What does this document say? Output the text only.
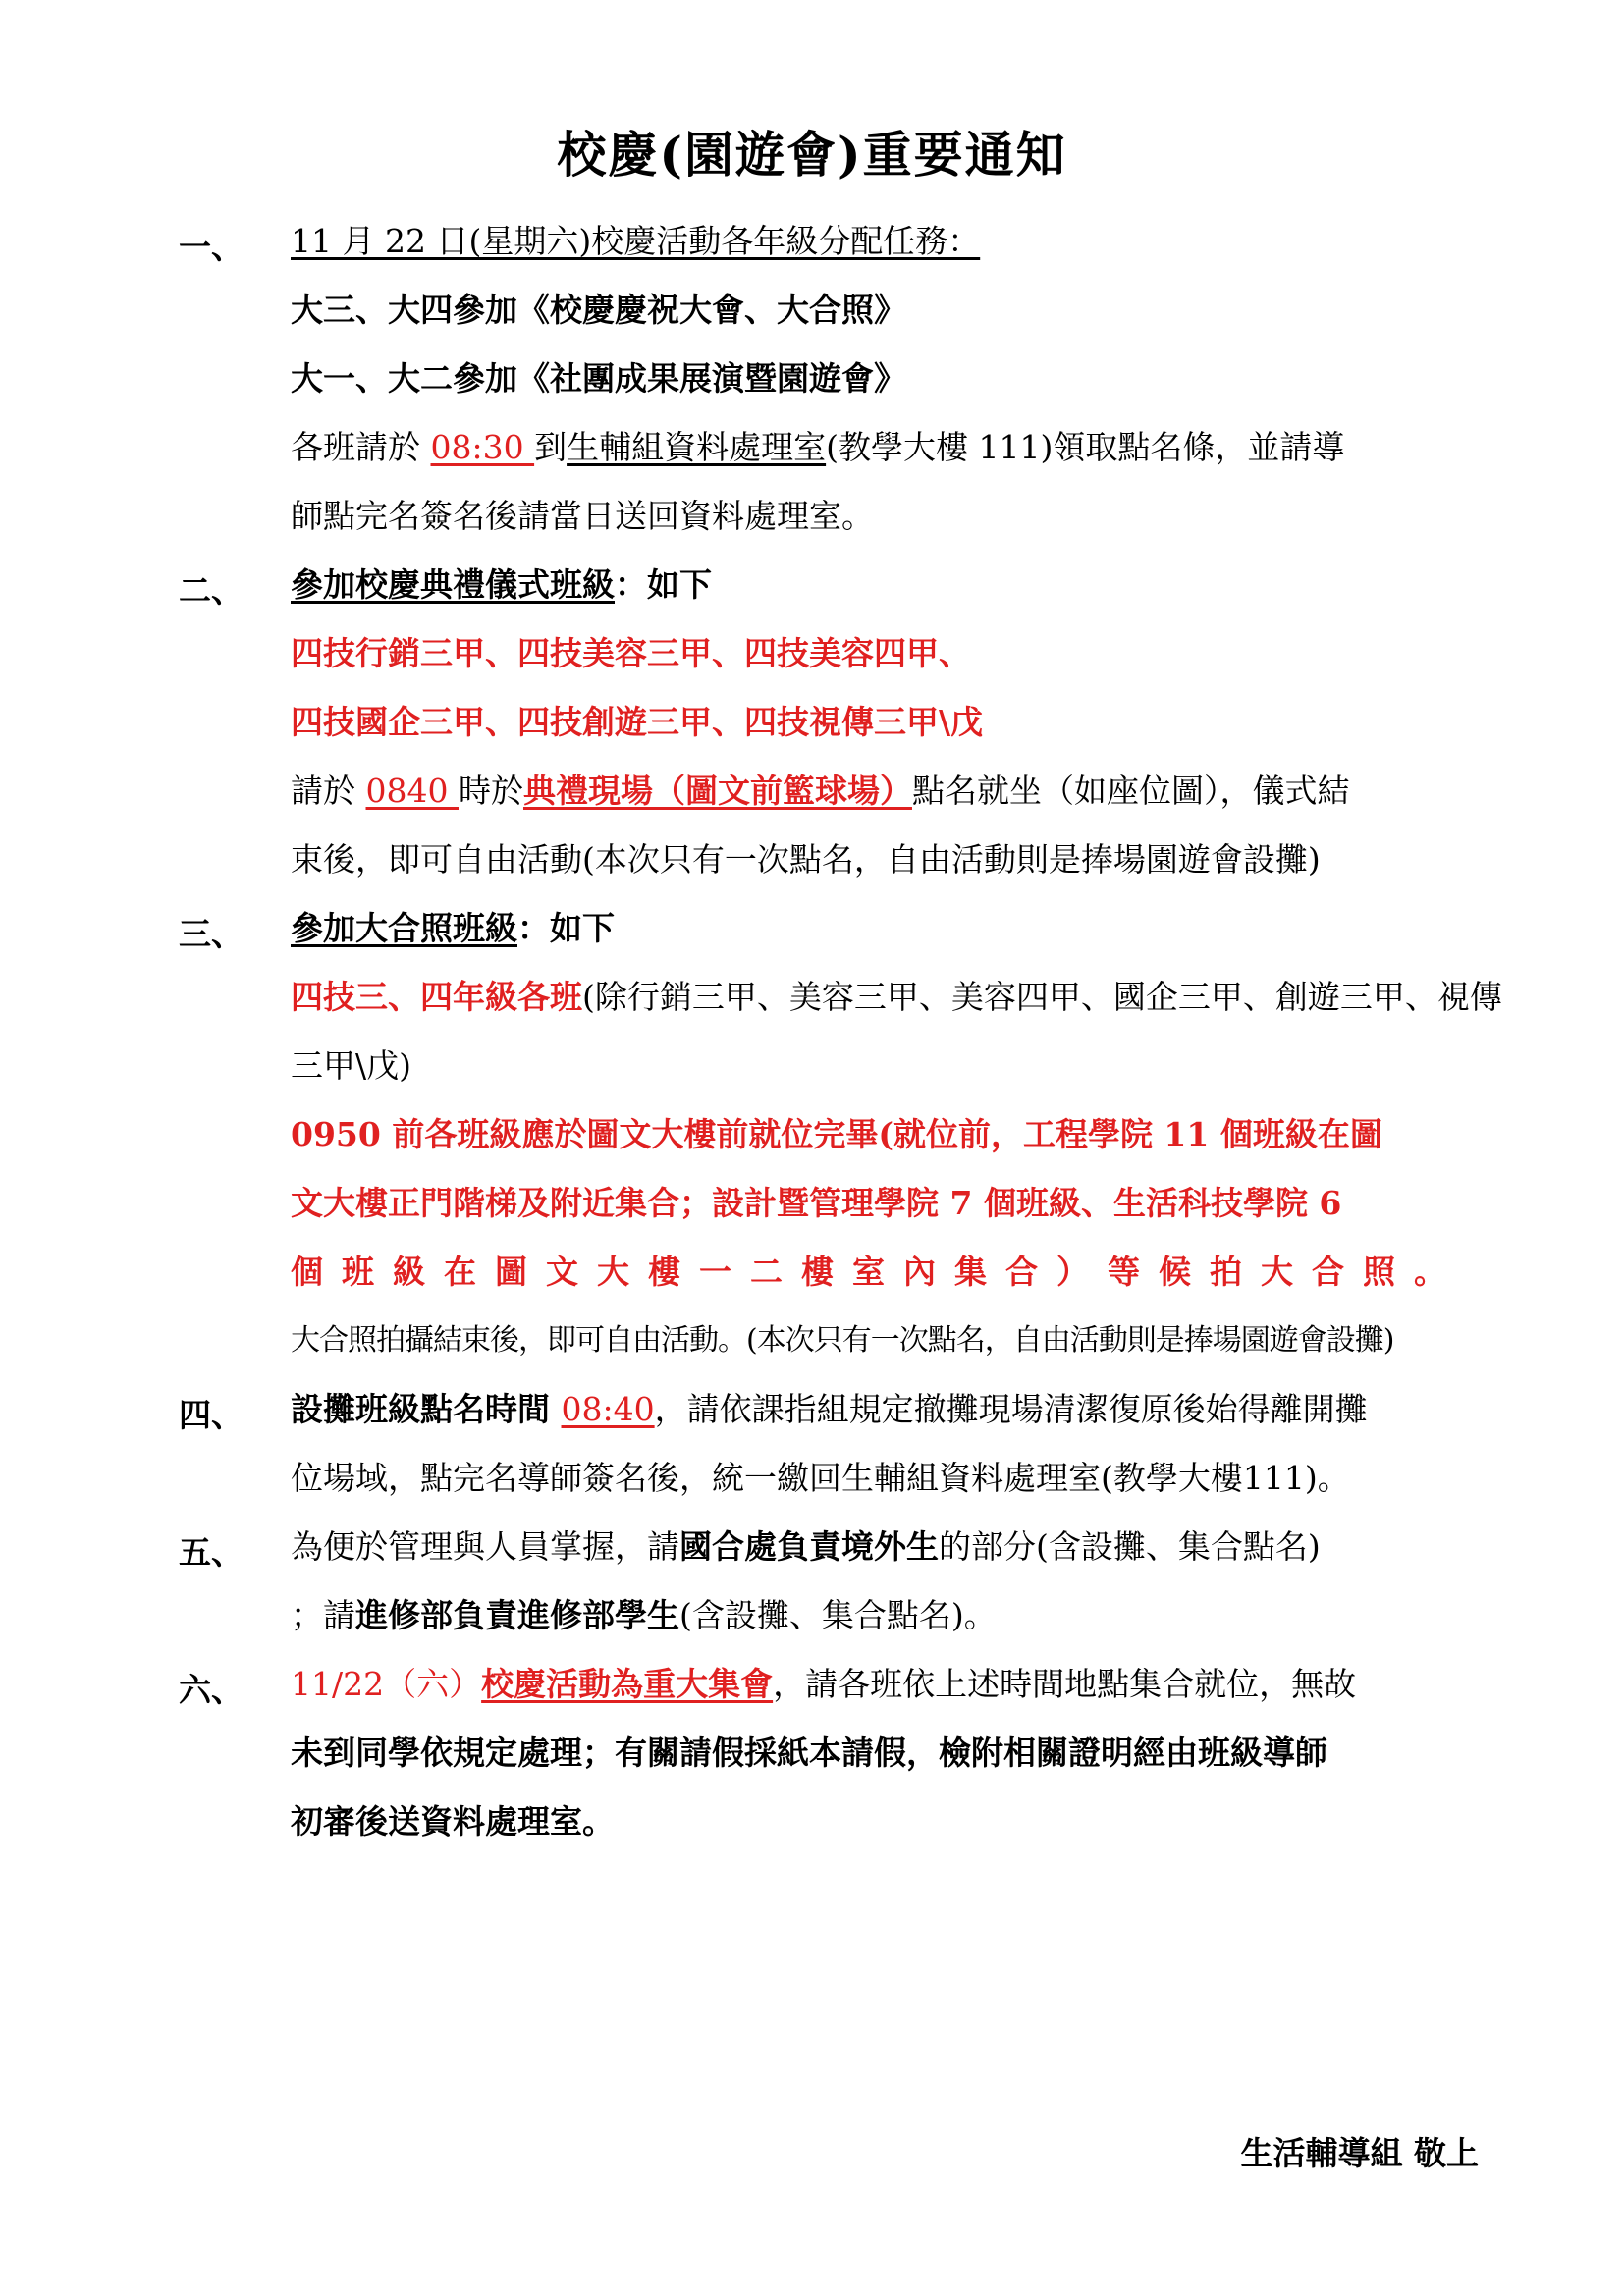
校慶(園遊會)重要通知
一、 11 月 22 日(星期六)校慶活動各年級分配任務：
大三、大四參加《校慶慶祝大會、大合照》
大一、大二參加《社團成果展演暨園遊會》
各班請於 08:30 到生輔組資料處理室(教學大樓 111)領取點名條，並請導
師點完名簽名後請當日送回資料處理室。
二、 參加校慶典禮儀式班級：如下
四技行銷三甲、四技美容三甲、四技美容四甲、
四技國企三甲、四技創遊三甲、四技視傳三甲\戊
請於 0840 時於典禮現場（圖文前籃球場）點名就坐（如座位圖），儀式結
束後，即可自由活動(本次只有一次點名，自由活動則是捧場園遊會設攤)
三、 參加大合照班級：如下
四技三、四年級各班(除行銷三甲、美容三甲、美容四甲、國企三甲、創遊三甲、視傳
三甲\戊)
0950 前各班級應於圖文大樓前就位完畢(就位前，工程學院 11 個班級在圖
文大樓正門階梯及附近集合；設計暨管理學院 7 個班級、生活科技學院 6
個班級在圖文大樓一二樓室內集合）等候拍大合照。
大合照拍攝結束後，即可自由活動。(本次只有一次點名，自由活動則是捧場園遊會設攤)
四、 設攤班級點名時間 08:40，請依課指組規定撤攤現場清潔復原後始得離開攤
位場域，點完名導師簽名後，統一繳回生輔組資料處理室(教學大樓111)。
五、 為便於管理與人員掌握，請國合處負責境外生的部分(含設攤、集合點名)
；請進修部負責進修部學生(含設攤、集合點名)。
六、 11/22（六）校慶活動為重大集會，請各班依上述時間地點集合就位，無故
未到同學依規定處理；有關請假採紙本請假，檢附相關證明經由班級導師
初審後送資料處理室。
生活輔導組 敬上
